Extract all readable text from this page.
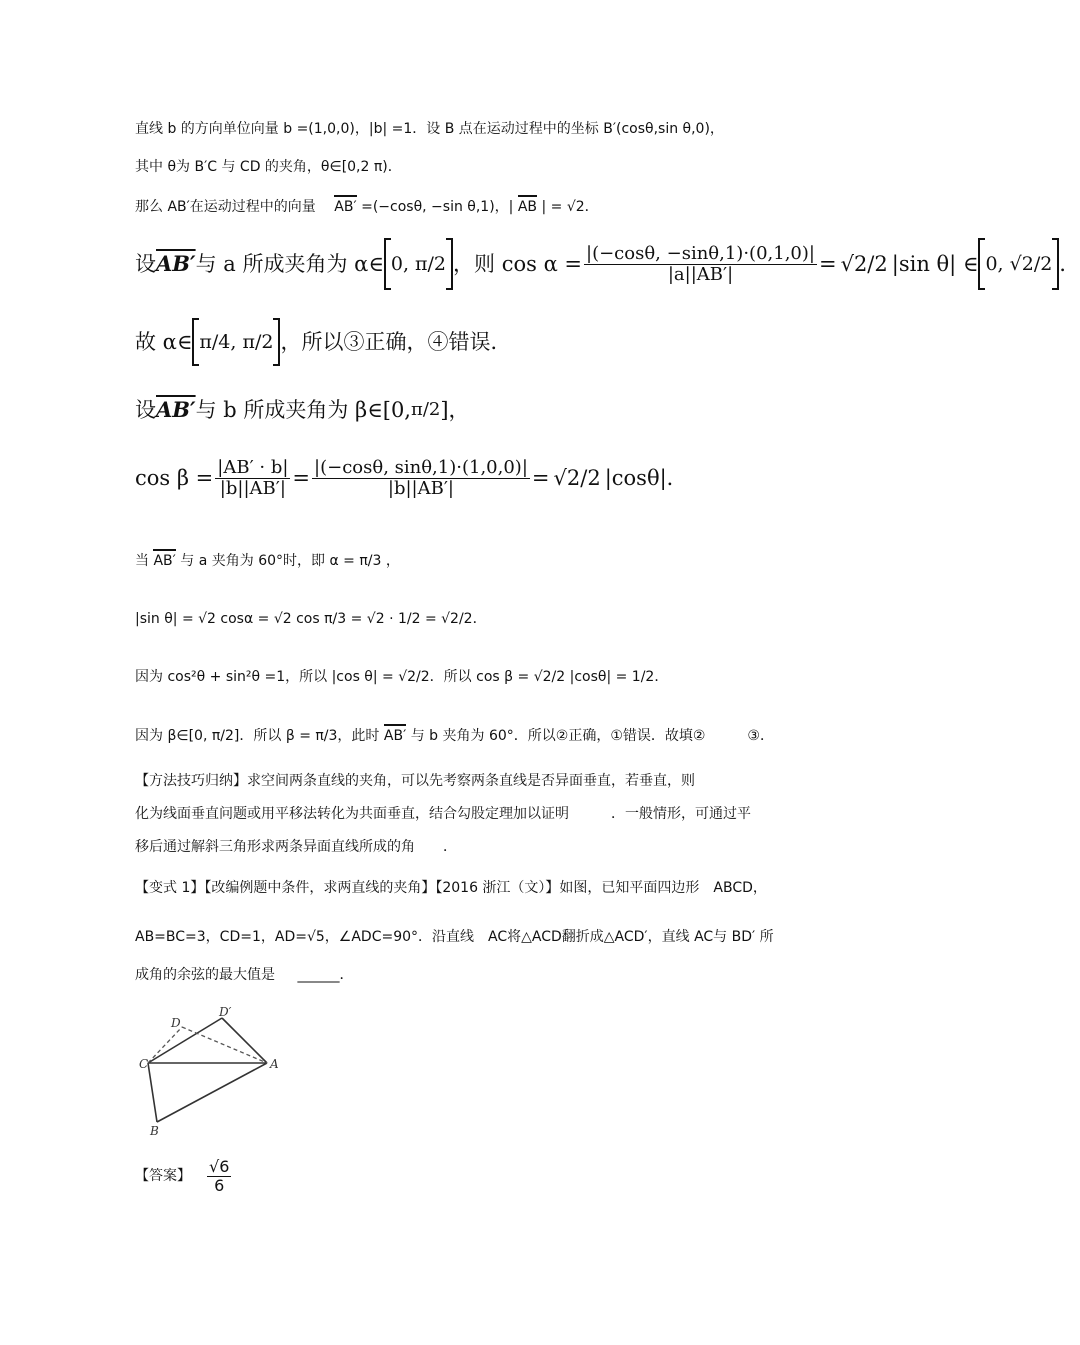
直线 b 的方向单位向量 b =(1,0,0)，|b| =1．设 B 点在运动过程中的坐标 B′(cosθ,sin θ,0)，
其中 θ为 B′C 与 CD 的夹角，θ∈[0,2 π)．
那么 AB′在运动过程中的向量 AB′ =(−cosθ, −sin θ,1)，| AB | = √2．
设 AB′ 与 a 所成夹角为 α∈ 0, π/2 ，则 $\cos \alpha = \frac{|(-\cos\theta, -\sin\theta,1)\cdot(0,1,0)|}{|a||AB'|} = √2/2$ |sin θ| ∈ 0, √2/2 ．
故 α∈ π/4, π/2 ，所以③正确，④错误．
设 AB′ 与 b 所成夹角为 β∈[0, π/2 ]，
$\cos \beta = \frac{|AB' \cdot b|}{|b||AB'|} = \frac{|(-\cos\theta, \sin\theta,1)\cdot(1,0,0)|}{|b||AB'|} = √2/2$ |cosθ|．
当 AB′ 与 a 夹角为 60°时，即 α = π/3 ，
|sin θ| = √2 cosα = √2 cos π/3 = √2 · 1/2 = √2/2．
因为 cos²θ + sin²θ =1，所以 |cos θ| = √2/2．所以 cos β = √2/2 |cosθ| = 1/2．
因为 β∈[0, π/2]．所以 β = π/3，此时 AB′ 与 b 夹角为 60°．所以②正确，①错误．故填②　　　③．
【方法技巧归纳】求空间两条直线的夹角，可以先考察两条直线是否异面垂直，若垂直，则
化为线面垂直问题或用平移法转化为共面垂直，结合勾股定理加以证明　　　．一般情形，可通过平
移后通过解斜三角形求两条异面直线所成的角　　．
【变式 1】【改编例题中条件，求两直线的夹角】【2016 浙江（文）】如图，已知平面四边形　ABCD，
AB=BC=3，CD=1，AD=√5，∠ADC=90°．沿直线　AC将△ACD翻折成△ACD′，直线 AC与 BD′ 所
成角的余弦的最大值是 ______．
D
D′
C	A
B
【答案】 $\frac{√6}{6}$
